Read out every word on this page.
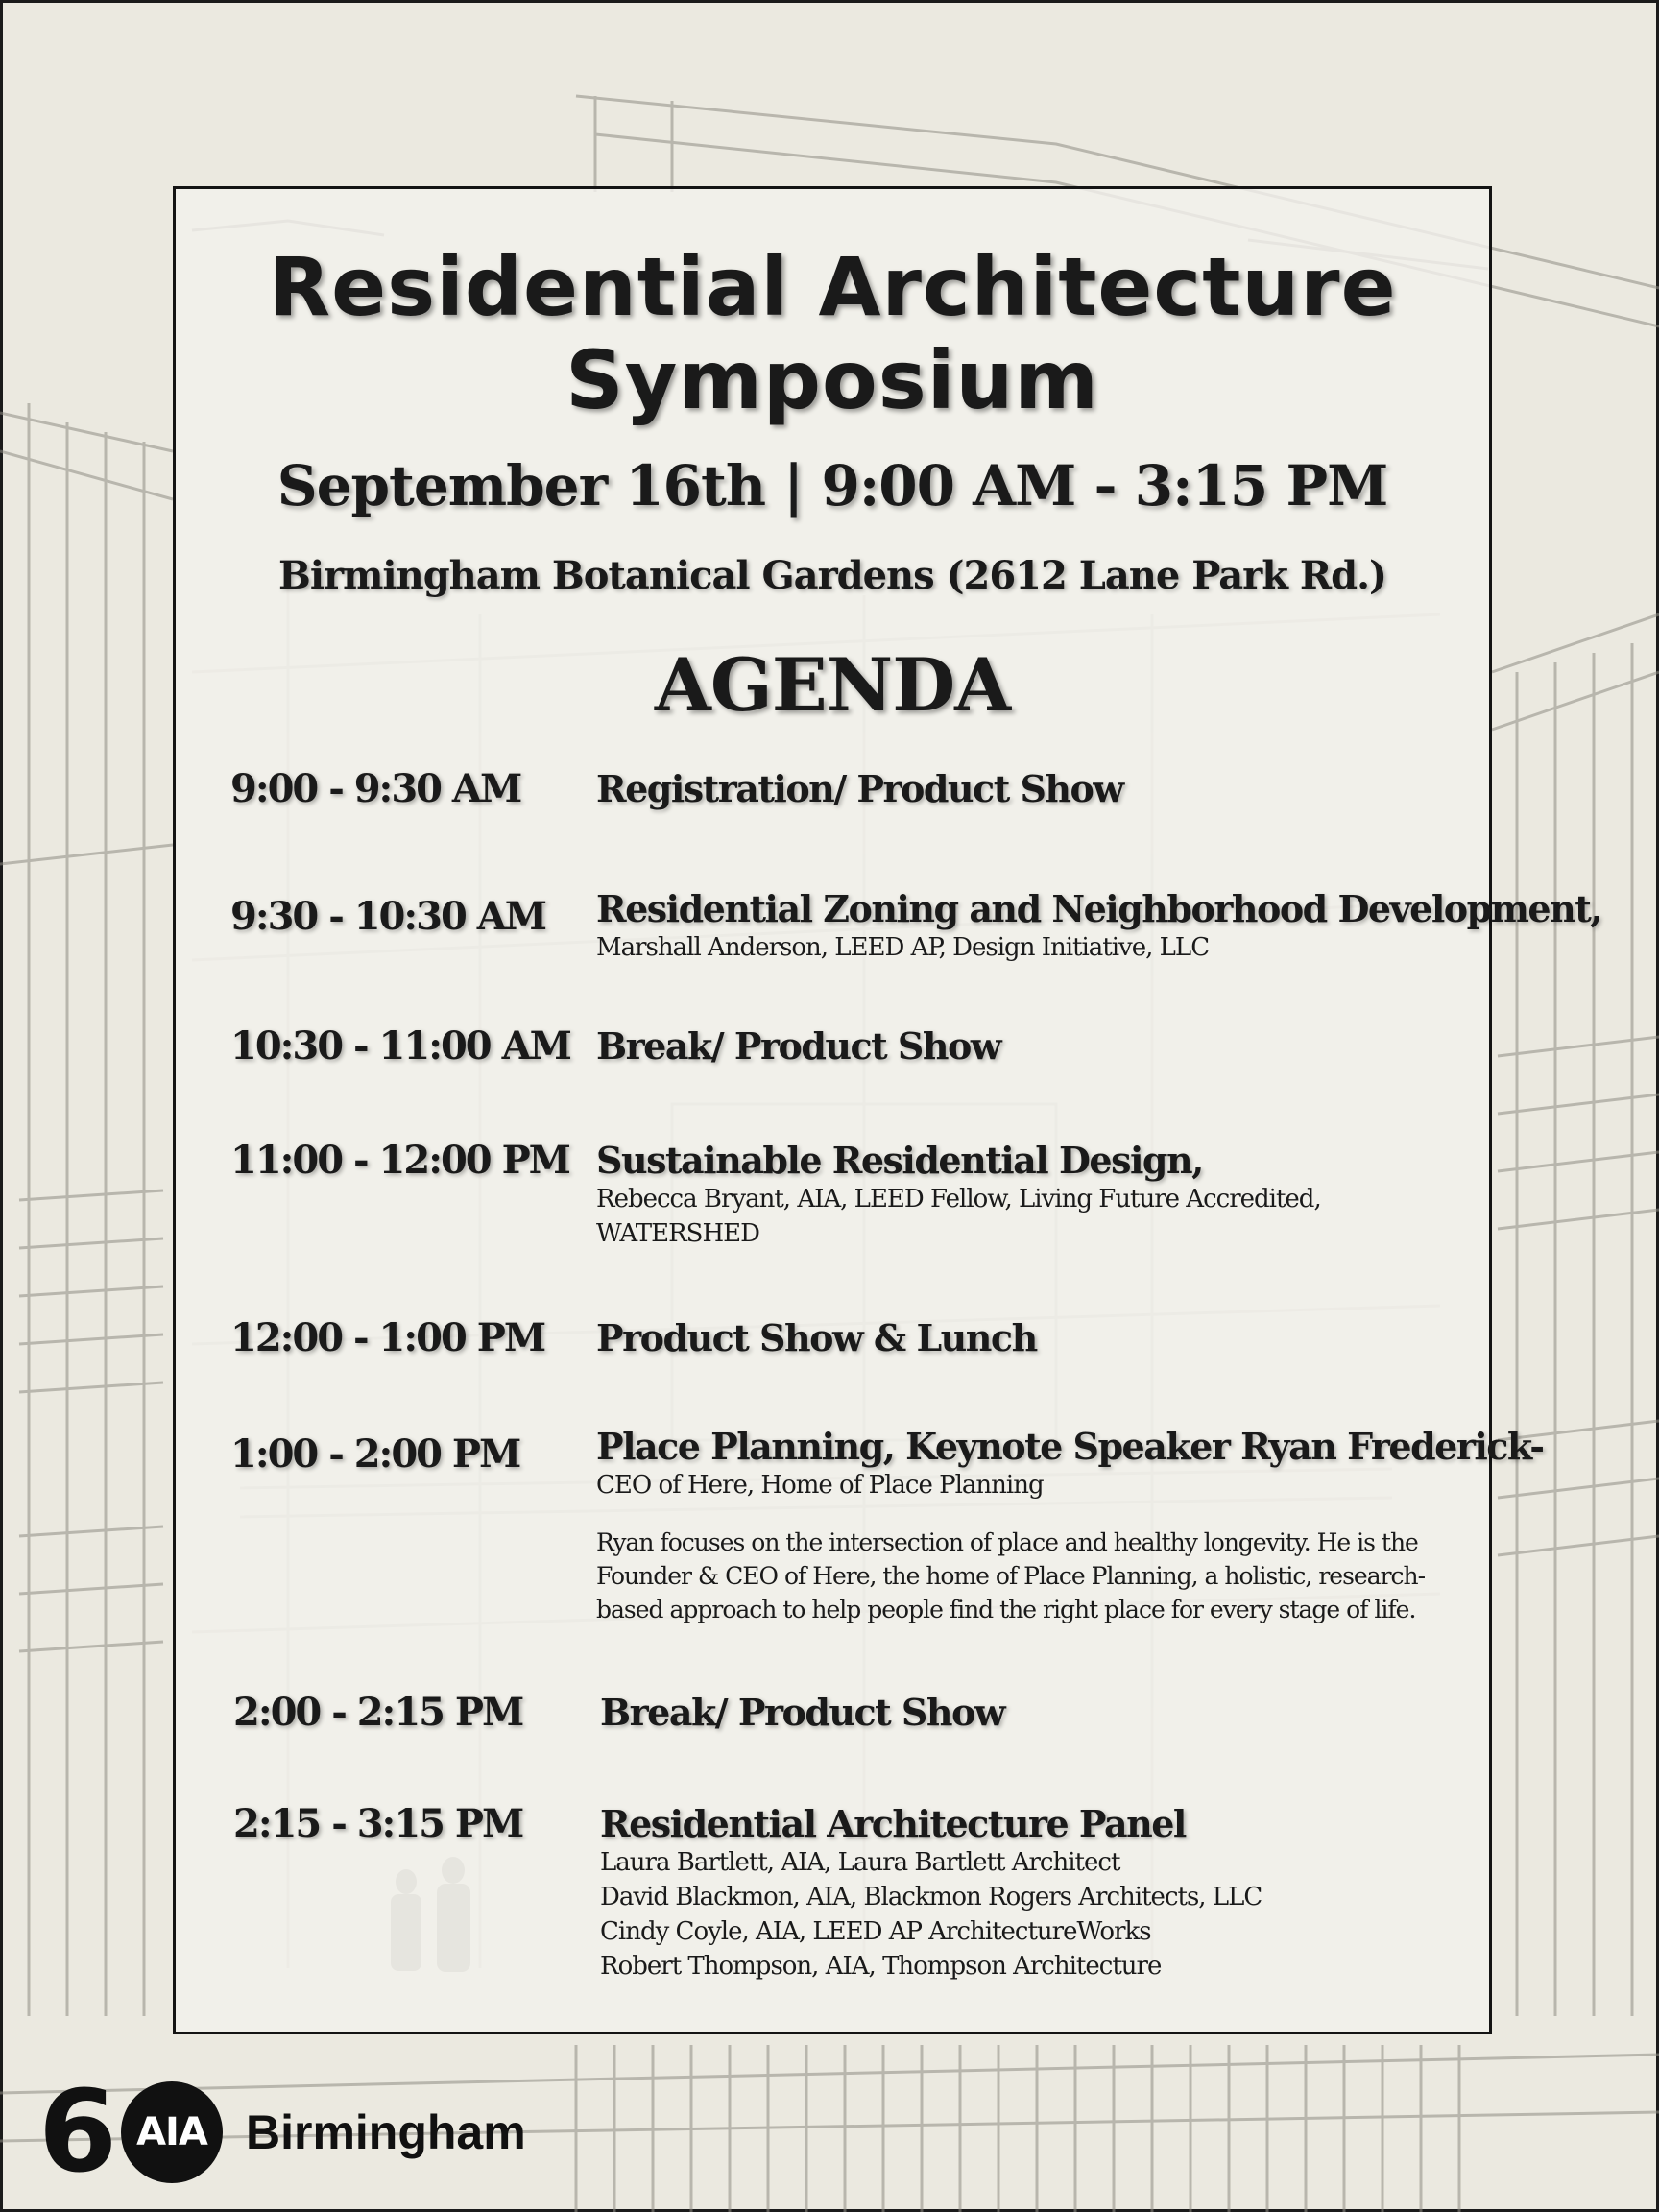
Residential Architecture
Symposium
September 16th | 9:00 AM - 3:15 PM
Birmingham Botanical Gardens (2612 Lane Park Rd.)
AGENDA
9:00 - 9:30 AM Registration/ Product Show
9:30 - 10:30 AM Residential Zoning and Neighborhood Development,
Marshall Anderson, LEED AP, Design Initiative, LLC
10:30 - 11:00 AM Break/ Product Show
11:00 - 12:00 PM Sustainable Residential Design,
Rebecca Bryant, AIA, LEED Fellow, Living Future Accredited,
WATERSHED
12:00 - 1:00 PM Product Show & Lunch
1:00 - 2:00 PM Place Planning, Keynote Speaker Ryan Frederick-
CEO of Here, Home of Place Planning
Ryan focuses on the intersection of place and healthy longevity. He is the
Founder & CEO of Here, the home of Place Planning, a holistic, research-
based approach to help people find the right place for every stage of life.
2:00 - 2:15 PM Break/ Product Show
2:15 - 3:15 PM Residential Architecture Panel
Laura Bartlett, AIA, Laura Bartlett Architect
David Blackmon, AIA, Blackmon Rogers Architects, LLC
Cindy Coyle, AIA, LEED AP ArchitectureWorks
Robert Thompson, AIA, Thompson Architecture
6 AIA Birmingham
